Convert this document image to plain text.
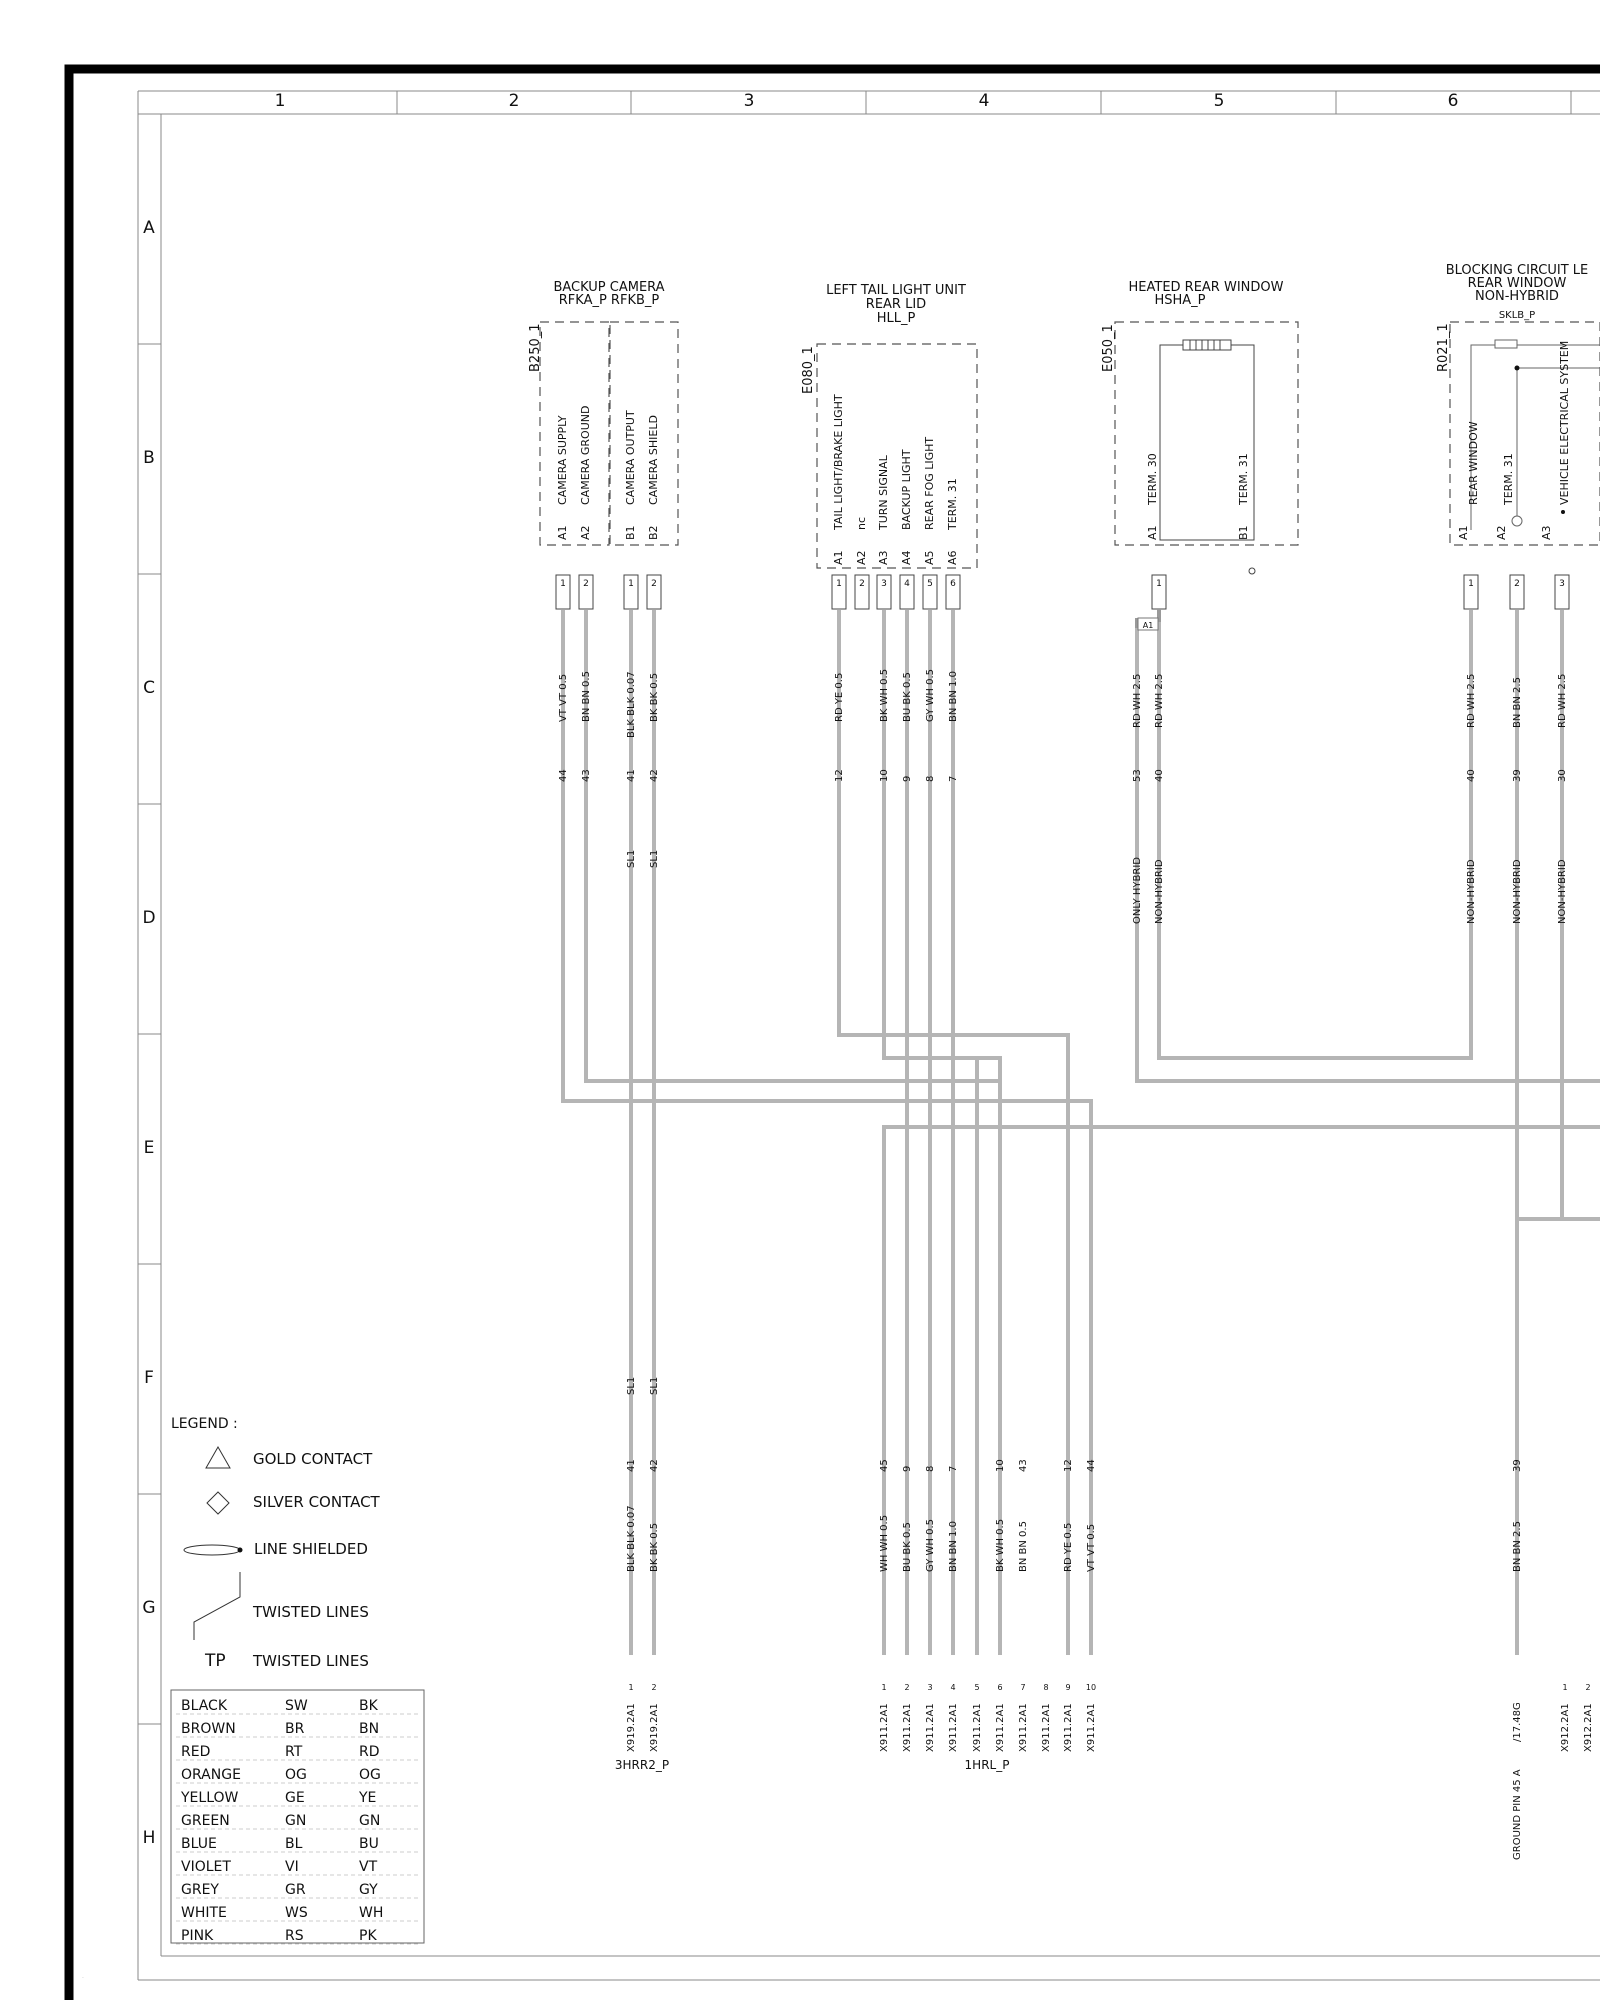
1	2	3	4	5	6
A
B
C
D
E
F
G
H
BACKUP CAMERA
RFKA_P RFKB_P
B250_1
CAMERA SUPPLY CAMERA GROUND	CAMERA OUTPUT CAMERA SHIELD
A1 A2	B1 B2
1 2	1 2
VT VT 0.5 BN BN 0.5	BLK BLK 0.07 BK BK 0.5
44 43	41 42
SL1 SL1
LEFT TAIL LIGHT UNIT
REAR LID
HLL_P
E080_1
TAIL LIGHT/BRAKE LIGHT nc TURN SIGNAL BACKUP LIGHT REAR FOG LIGHT TERM. 31
A1 A2 A3 A4 A5 A6
1 2 3 4 5 6
RD YE 0.5	BK WH 0.5 BU BK 0.5 GY WH 0.5 BN BN 1.0
12	10 9 8 7
HEATED REAR WINDOW
HSHA_P
E050_1
TERM. 30	TERM. 31
A1	B1
1
A1
RD WH 2.5 RD WH 2.5
53 40
ONLY HYBRID NON-HYBRID
BLOCKING CIRCUIT LE
REAR WINDOW
NON-HYBRID
SKLB_P
R021_1
REAR WINDOW TERM. 31	VEHICLE ELECTRICAL SYSTEM
A1 A2	A3
1	2	3
RD WH 2.5	BN BN 2.5	RD WH 2.5
40	39	30
NON-HYBRID	NON-HYBRID	NON-HYBRID
SL1 SL1
41 42
BLK BLK 0.07 BK BK 0.5
X919.2A1 X919.2A1
1 2
3HRR2_P
45
WH WH 0.5
X911.2A1
1
9
BU BK 0.5
X911.2A1
2
8
GY WH 0.5
X911.2A1
3
7
BN BN 1.0
X911.2A1
4
X911.2A1
5
10
BK WH 0.5
X911.2A1
6
43
BN BN 0.5
X911.2A1
7
X911.2A1
8
12
RD YE 0.5
X911.2A1
9
44
VT VT 0.5
X911.2A1
10
1HRL_P
39
BN BN 2.5
/17.48G
GROUND PIN 45 A
X912.2A1 X912.2A1
1 2
LEGEND :
GOLD CONTACT
SILVER CONTACT
LINE SHIELDED
TWISTED LINES
TP TWISTED LINES
BLACK	SW	BK
BROWN	BR	BN
RED	RT	RD
ORANGE	OG	OG
YELLOW	GE	YE
GREEN	GN	GN
BLUE	BL	BU
VIOLET	VI	VT
GREY	GR	GY
WHITE	WS	WH
PINK	RS	PK
.
